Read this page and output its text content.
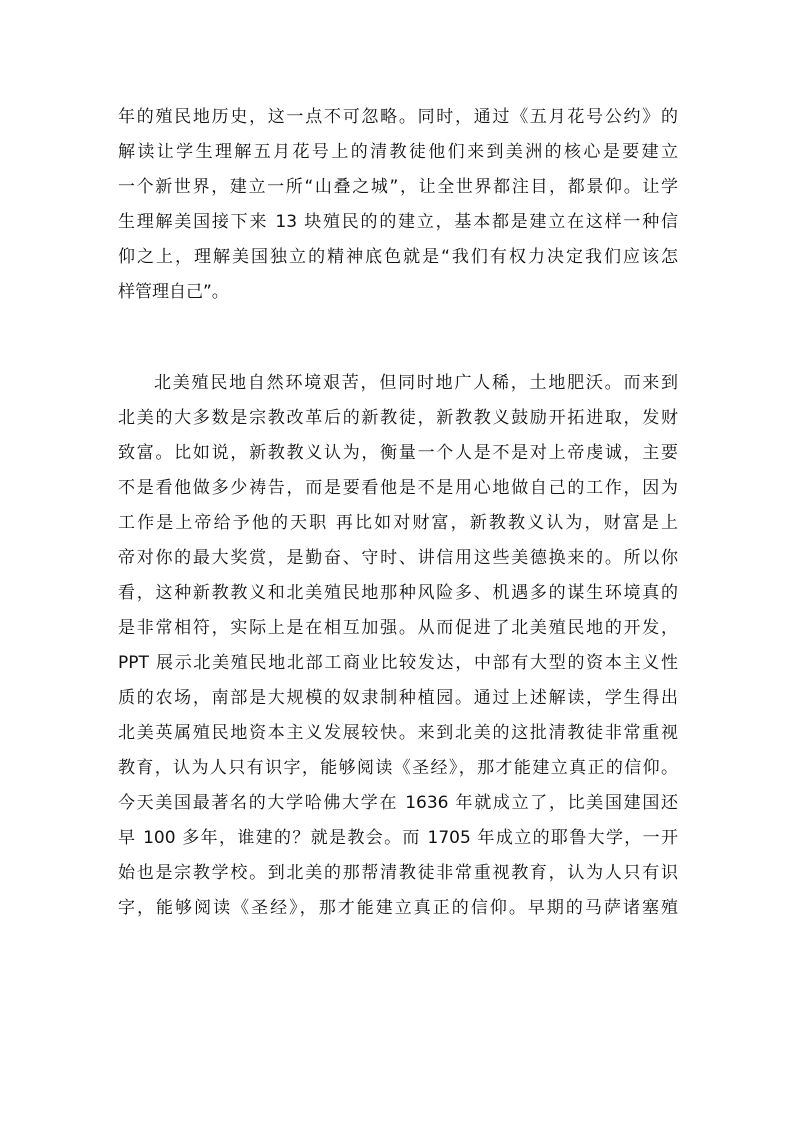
年的殖民地历史，这一点不可忽略。同时，通过《五月花号公约》的
解读让学生理解五月花号上的清教徒他们来到美洲的核心是要建立
一个新世界，建立一所“山叠之城”，让全世界都注目，都景仰。让学
生理解美国接下来 13 块殖民的的建立，基本都是建立在这样一种信
仰之上，理解美国独立的精神底色就是“我们有权力决定我们应该怎
样管理自己”。
北美殖民地自然环境艰苦，但同时地广人稀，土地肥沃。而来到
北美的大多数是宗教改革后的新教徒，新教教义鼓励开拓进取，发财
致富。比如说，新教教义认为，衡量一个人是不是对上帝虔诚，主要
不是看他做多少祷告，而是要看他是不是用心地做自己的工作，因为
工作是上帝给予他的天职 再比如对财富，新教教义认为，财富是上
帝对你的最大奖赏，是勤奋、守时、讲信用这些美德换来的。所以你
看，这种新教教义和北美殖民地那种风险多、机遇多的谋生环境真的
是非常相符，实际上是在相互加强。从而促进了北美殖民地的开发，
PPT 展示北美殖民地北部工商业比较发达，中部有大型的资本主义性
质的农场，南部是大规模的奴隶制种植园。通过上述解读，学生得出
北美英属殖民地资本主义发展较快。来到北美的这批清教徒非常重视
教育，认为人只有识字，能够阅读《圣经》，那才能建立真正的信仰。
今天美国最著名的大学哈佛大学在 1636 年就成立了，比美国建国还
早 100 多年，谁建的？就是教会。而 1705 年成立的耶鲁大学，一开
始也是宗教学校。到北美的那帮清教徒非常重视教育，认为人只有识
字，能够阅读《圣经》，那才能建立真正的信仰。早期的马萨诸塞殖
